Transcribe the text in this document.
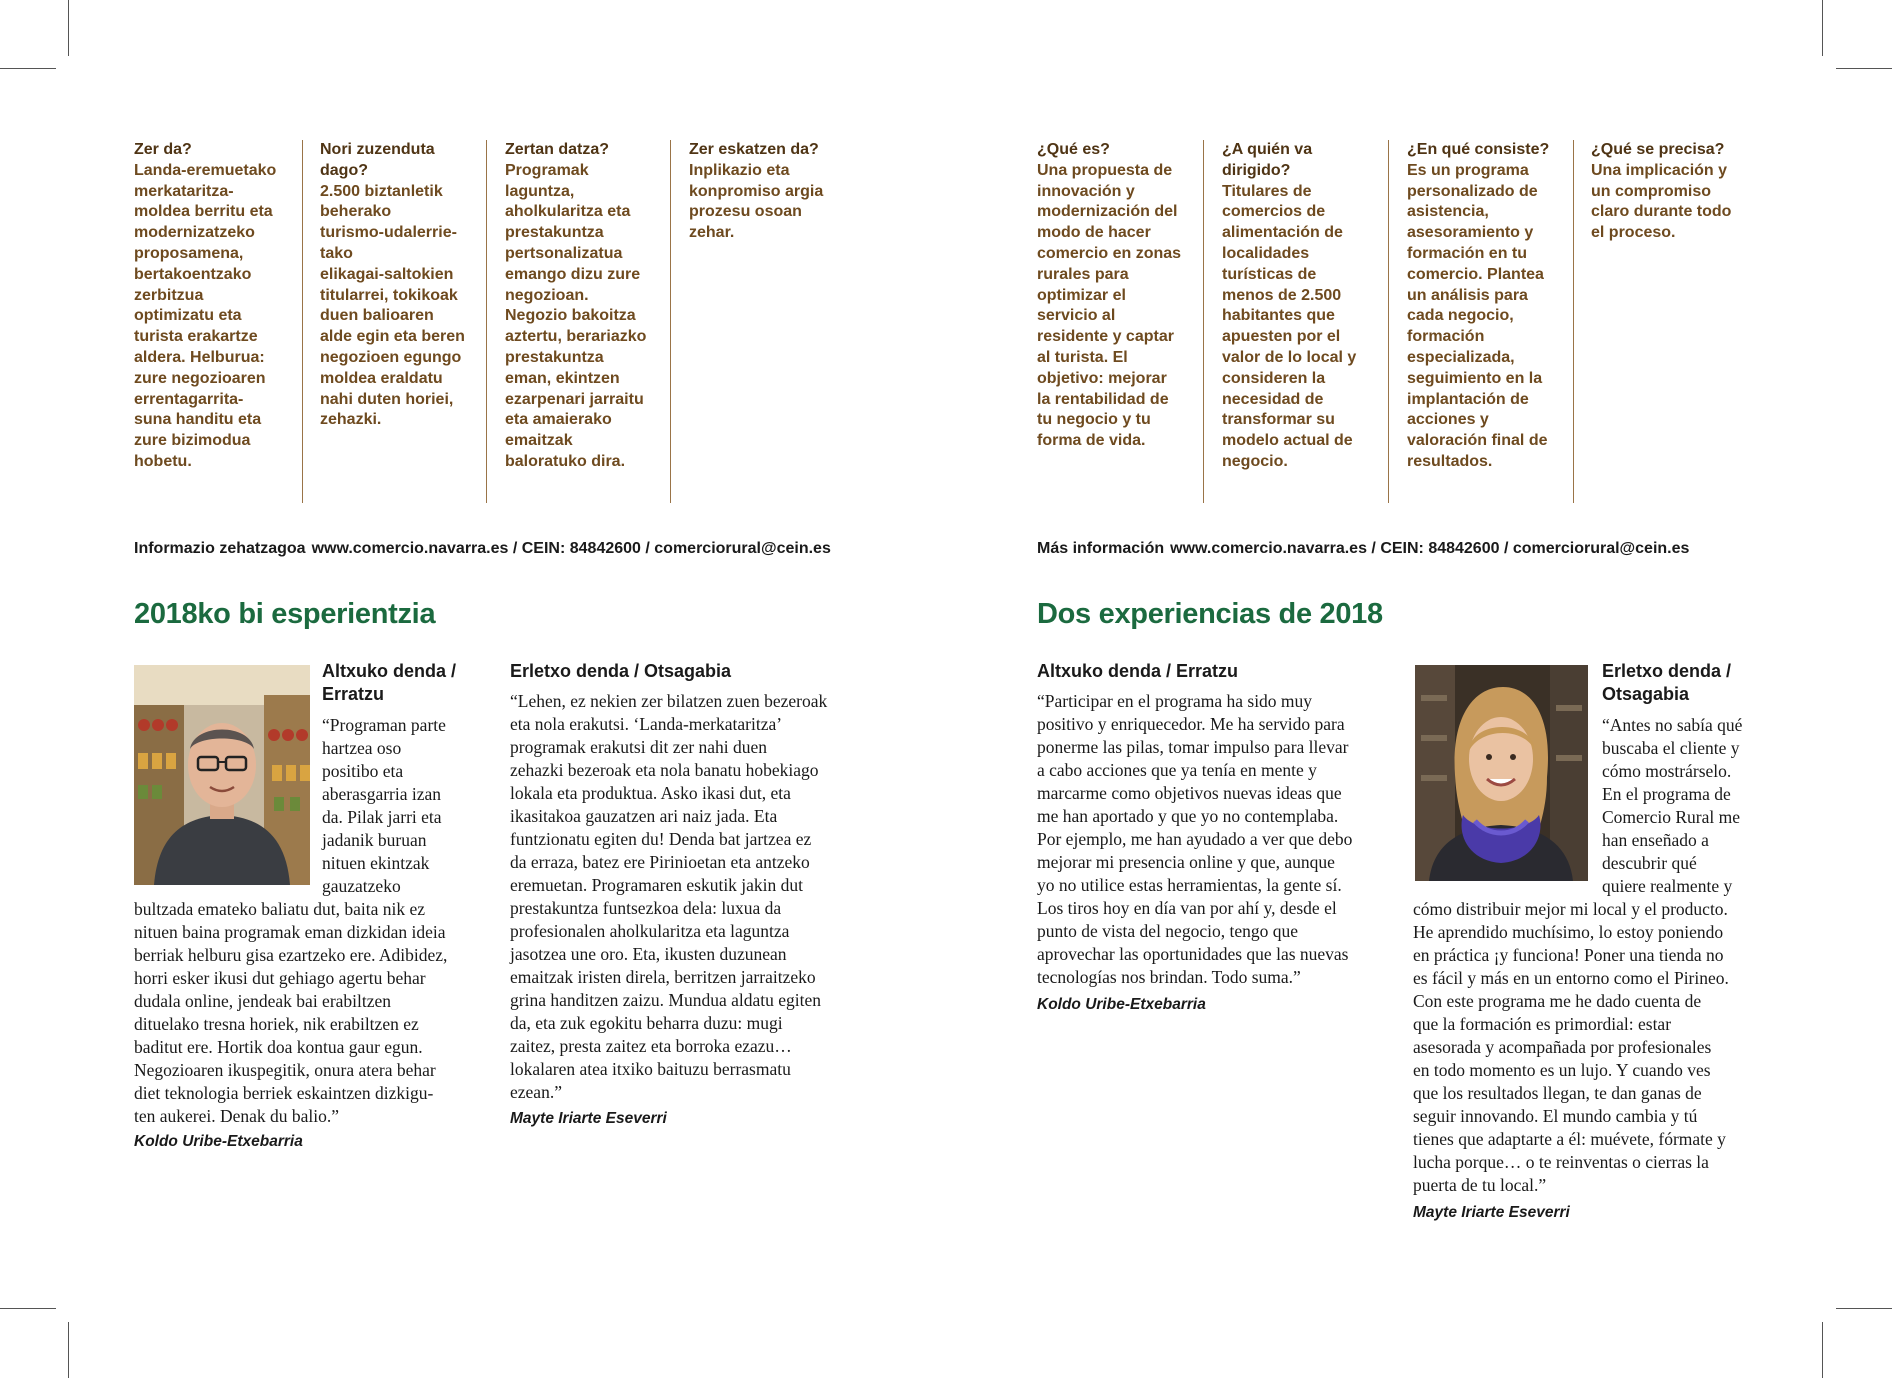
Zer da?
Landa-eremuetako
merkataritza-
moldea berritu eta
modernizatzeko
proposamena,
bertakoentzako
zerbitzua
optimizatu eta
turista erakartze
aldera. Helburua:
zure negozioaren
errentagarrita-
suna handitu eta
zure bizimodua
hobetu.
Nori zuzenduta
dago?
2.500 biztanletik
beherako
turismo-udalerrie-
tako
elikagai-saltokien
titularrei, tokikoak
duen balioaren
alde egin eta beren
negozioen egungo
moldea eraldatu
nahi duten horiei,
zehazki.
Zertan datza?
Programak
laguntza,
aholkularitza eta
prestakuntza
pertsonalizatua
emango dizu zure
negozioan.
Negozio bakoitza
aztertu, berariazko
prestakuntza
eman, ekintzen
ezarpenari jarraitu
eta amaierako
emaitzak
baloratuko dira.
Zer eskatzen da?
Inplikazio eta
konpromiso argia
prozesu osoan
zehar.
Informazio zehatzagoa www.comercio.navarra.es / CEIN: 84842600 / comerciorural@cein.es
2018ko bi esperientzia
Altxuko denda /
Erratzu
“Programan parte
hartzea oso
positibo eta
aberasgarria izan
da. Pilak jarri eta
jadanik buruan
nituen ekintzak
gauzatzeko
bultzada emateko baliatu dut, baita nik ez
nituen baina programak eman dizkidan ideia
berriak helburu gisa ezartzeko ere. Adibidez,
horri esker ikusi dut gehiago agertu behar
dudala online, jendeak bai erabiltzen
dituelako tresna horiek, nik erabiltzen ez
baditut ere. Hortik doa kontua gaur egun.
Negozioaren ikuspegitik, onura atera behar
diet teknologia berriek eskaintzen dizkigu-
ten aukerei. Denak du balio.”
Koldo Uribe-Etxebarria
Erletxo denda / Otsagabia
“Lehen, ez nekien zer bilatzen zuen bezeroak
eta nola erakutsi. ‘Landa-merkataritza’
programak erakutsi dit zer nahi duen
zehazki bezeroak eta nola banatu hobekiago
lokala eta produktua. Asko ikasi dut, eta
ikasitakoa gauzatzen ari naiz jada. Eta
funtzionatu egiten du! Denda bat jartzea ez
da erraza, batez ere Pirinioetan eta antzeko
eremuetan. Programaren eskutik jakin dut
prestakuntza funtsezkoa dela: luxua da
profesionalen aholkularitza eta laguntza
jasotzea une oro. Eta, ikusten duzunean
emaitzak iristen direla, berritzen jarraitzeko
grina handitzen zaizu. Mundua aldatu egiten
da, eta zuk egokitu beharra duzu: mugi
zaitez, presta zaitez eta borroka ezazu…
lokalaren atea itxiko baituzu berrasmatu
ezean.”
Mayte Iriarte Eseverri
¿Qué es?
Una propuesta de
innovación y
modernización del
modo de hacer
comercio en zonas
rurales para
optimizar el
servicio al
residente y captar
al turista. El
objetivo: mejorar
la rentabilidad de
tu negocio y tu
forma de vida.
¿A quién va
dirigido?
Titulares de
comercios de
alimentación de
localidades
turísticas de
menos de 2.500
habitantes que
apuesten por el
valor de lo local y
consideren la
necesidad de
transformar su
modelo actual de
negocio.
¿En qué consiste?
Es un programa
personalizado de
asistencia,
asesoramiento y
formación en tu
comercio. Plantea
un análisis para
cada negocio,
formación
especializada,
seguimiento en la
implantación de
acciones y
valoración final de
resultados.
¿Qué se precisa?
Una implicación y
un compromiso
claro durante todo
el proceso.
Más información www.comercio.navarra.es / CEIN: 84842600 / comerciorural@cein.es
Dos experiencias de 2018
Altxuko denda / Erratzu
“Participar en el programa ha sido muy
positivo y enriquecedor. Me ha servido para
ponerme las pilas, tomar impulso para llevar
a cabo acciones que ya tenía en mente y
marcarme como objetivos nuevas ideas que
me han aportado y que yo no contemplaba.
Por ejemplo, me han ayudado a ver que debo
mejorar mi presencia online y que, aunque
yo no utilice estas herramientas, la gente sí.
Los tiros hoy en día van por ahí y, desde el
punto de vista del negocio, tengo que
aprovechar las oportunidades que las nuevas
tecnologías nos brindan. Todo suma.”
Koldo Uribe-Etxebarria
Erletxo denda /
Otsagabia
“Antes no sabía qué
buscaba el cliente y
cómo mostrárselo.
En el programa de
Comercio Rural me
han enseñado a
descubrir qué
quiere realmente y
cómo distribuir mejor mi local y el producto.
He aprendido muchísimo, lo estoy poniendo
en práctica ¡y funciona! Poner una tienda no
es fácil y más en un entorno como el Pirineo.
Con este programa me he dado cuenta de
que la formación es primordial: estar
asesorada y acompañada por profesionales
en todo momento es un lujo. Y cuando ves
que los resultados llegan, te dan ganas de
seguir innovando. El mundo cambia y tú
tienes que adaptarte a él: muévete, fórmate y
lucha porque… o te reinventas o cierras la
puerta de tu local.”
Mayte Iriarte Eseverri
